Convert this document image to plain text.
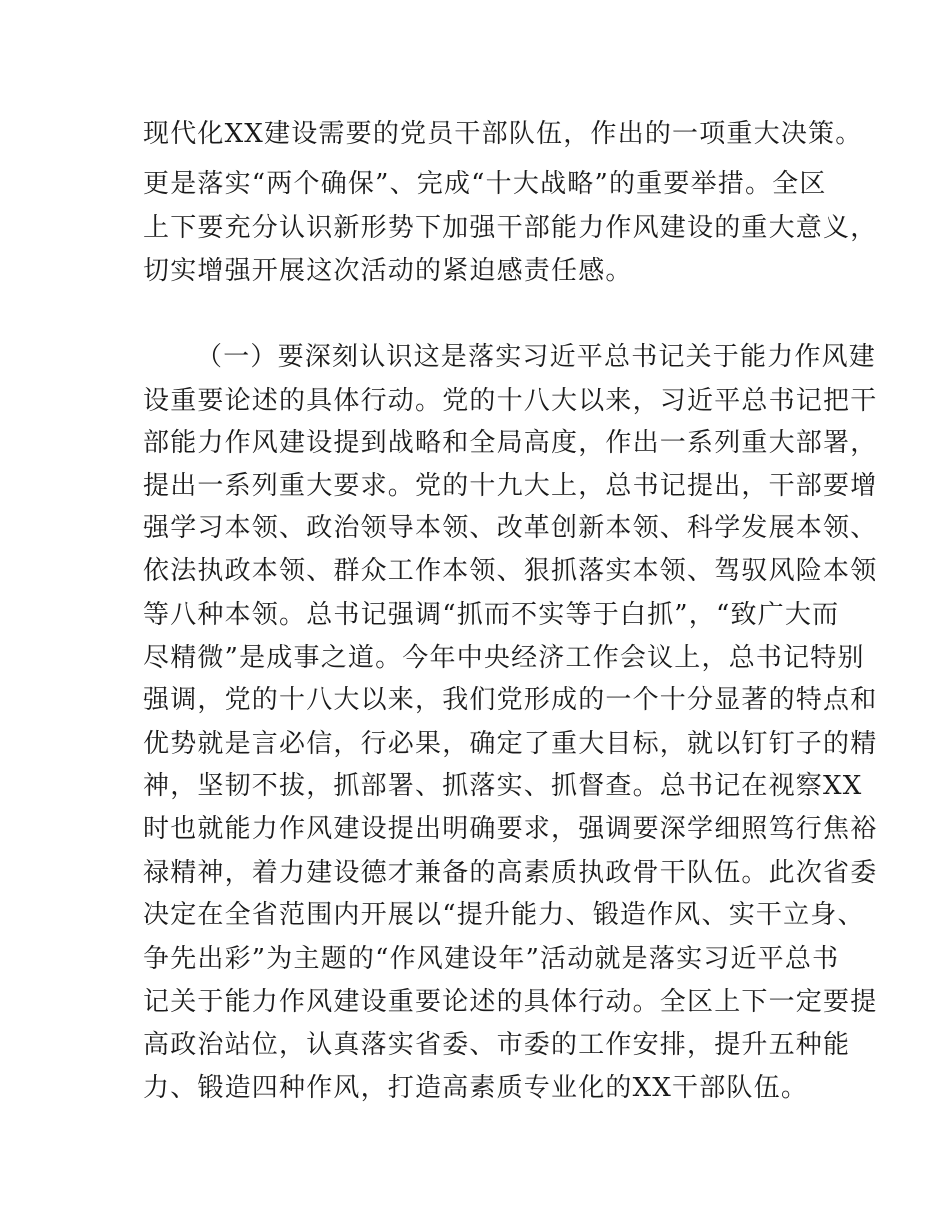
现代化XX建设需要的党员干部队伍，作出的一项重大决策。

更是落实“两个确保”、完成“十大战略”的重要举措。全区

上下要充分认识新形势下加强干部能力作风建设的重大意义，

切实增强开展这次活动的紧迫感责任感。

（一）要深刻认识这是落实习近平总书记关于能力作风建

设重要论述的具体行动。党的十八大以来，习近平总书记把干

部能力作风建设提到战略和全局高度，作出一系列重大部署，

提出一系列重大要求。党的十九大上，总书记提出，干部要增

强学习本领、政治领导本领、改革创新本领、科学发展本领、

依法执政本领、群众工作本领、狠抓落实本领、驾驭风险本领

等八种本领。总书记强调“抓而不实等于白抓”，“致广大而

尽精微”是成事之道。今年中央经济工作会议上，总书记特别

强调，党的十八大以来，我们党形成的一个十分显著的特点和

优势就是言必信，行必果，确定了重大目标，就以钉钉子的精

神，坚韧不拔，抓部署、抓落实、抓督查。总书记在视察XX

时也就能力作风建设提出明确要求，强调要深学细照笃行焦裕

禄精神，着力建设德才兼备的高素质执政骨干队伍。此次省委

决定在全省范围内开展以“提升能力、锻造作风、实干立身、

争先出彩”为主题的“作风建设年”活动就是落实习近平总书

记关于能力作风建设重要论述的具体行动。全区上下一定要提

高政治站位，认真落实省委、市委的工作安排，提升五种能

力、锻造四种作风，打造高素质专业化的XX干部队伍。
